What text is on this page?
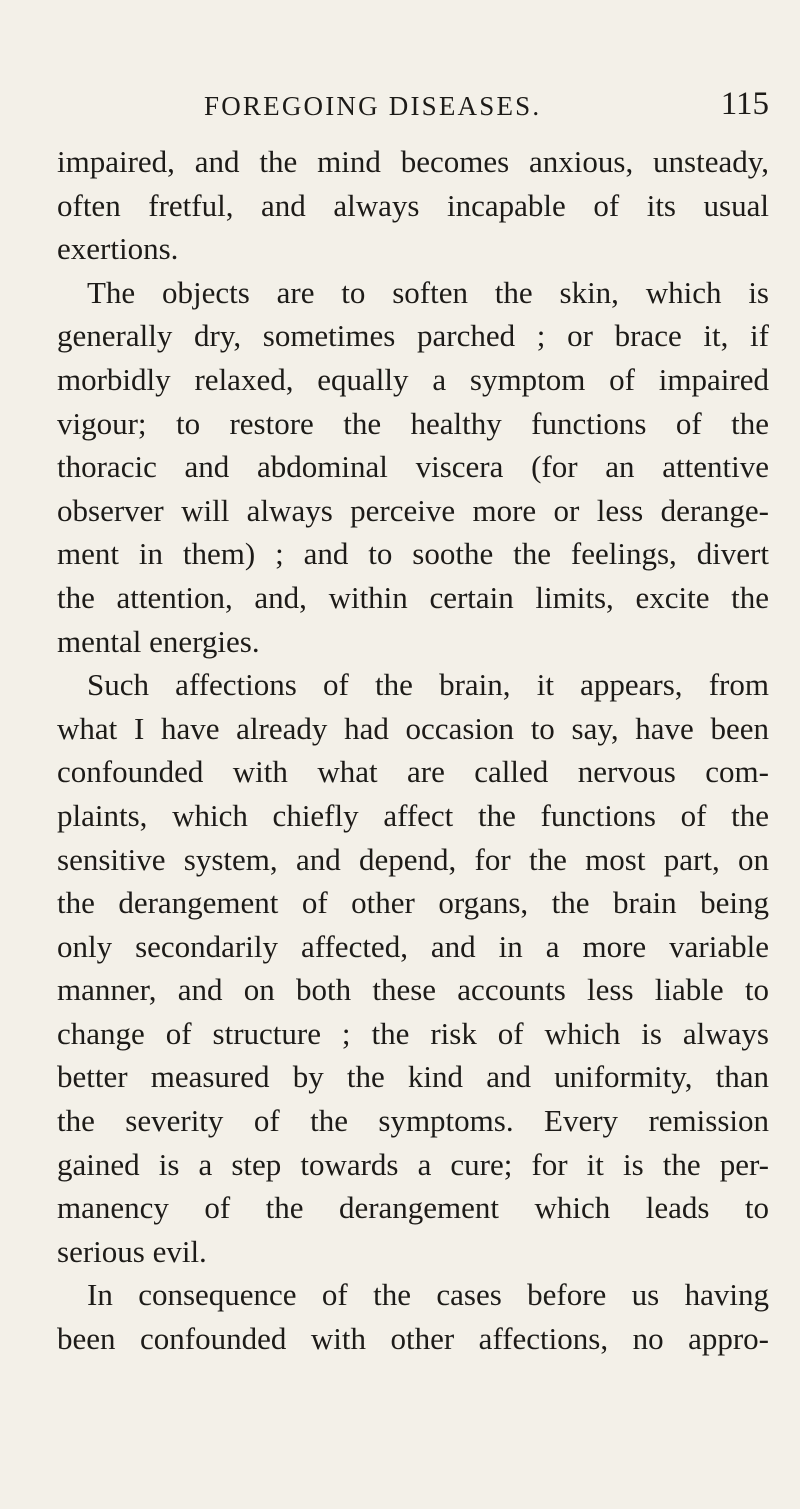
FOREGOING DISEASES.	115
impaired, and the mind becomes anxious, unsteady,
often fretful, and always incapable of its usual
exertions.
The objects are to soften the skin, which is
generally dry, sometimes parched ; or brace it, if
morbidly relaxed, equally a symptom of impaired
vigour; to restore the healthy functions of the
thoracic and abdominal viscera (for an attentive
observer will always perceive more or less derange-
ment in them) ; and to soothe the feelings, divert
the attention, and, within certain limits, excite the
mental energies.
Such affections of the brain, it appears, from
what I have already had occasion to say, have been
confounded with what are called nervous com-
plaints, which chiefly affect the functions of the
sensitive system, and depend, for the most part, on
the derangement of other organs, the brain being
only secondarily affected, and in a more variable
manner, and on both these accounts less liable to
change of structure ; the risk of which is always
better measured by the kind and uniformity, than
the severity of the symptoms. Every remission
gained is a step towards a cure; for it is the per-
manency of the derangement which leads to
serious evil.
In consequence of the cases before us having
been confounded with other affections, no appro-
